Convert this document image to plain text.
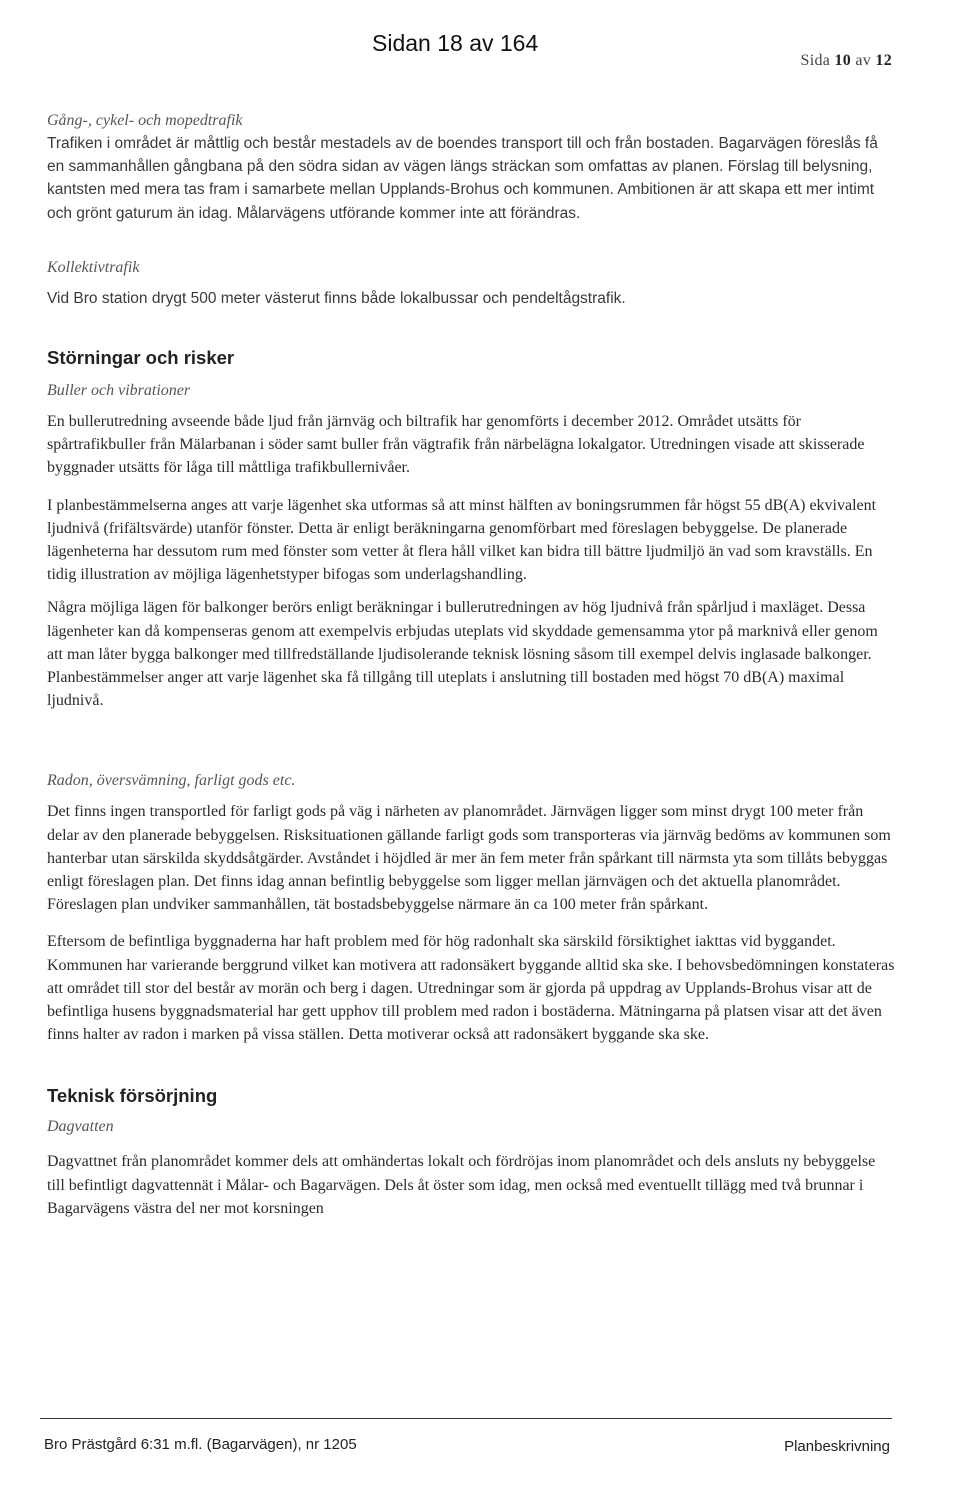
Sidan 18 av 164
Sida 10 av 12

Gång-, cykel- och mopedtrafik

Trafiken i området är måttlig och består mestadels av de boendes transport till och från bostaden. Bagarvägen föreslås få en sammanhållen gångbana på den södra sidan av vägen längs sträckan som omfattas av planen. Förslag till belysning, kantsten med mera tas fram i samarbete mellan Upplands-Brohus och kommunen. Ambitionen är att skapa ett mer intimt och grönt gaturum än idag. Målarvägens utförande kommer inte att förändras.

Kollektivtrafik

Vid Bro station drygt 500 meter västerut finns både lokalbussar och pendeltågstrafik.

Störningar och risker

Buller och vibrationer

En bullerutredning avseende både ljud från järnväg och biltrafik har genomförts i december 2012. Området utsätts för spårtrafikbuller från Mälarbanan i söder samt buller från vägtrafik från närbelägna lokalgator. Utredningen visade att skisserade byggnader utsätts för låga till måttliga trafikbullernivåer.

I planbestämmelserna anges att varje lägenhet ska utformas så att minst hälften av boningsrummen får högst 55 dB(A) ekvivalent ljudnivå (frifältsvärde) utanför fönster. Detta är enligt beräkningarna genomförbart med föreslagen bebyggelse. De planerade lägenheterna har dessutom rum med fönster som vetter åt flera håll vilket kan bidra till bättre ljudmiljö än vad som kravställs. En tidig illustration av möjliga lägenhetstyper bifogas som underlagshandling.

Några möjliga lägen för balkonger berörs enligt beräkningar i bullerutredningen av hög ljudnivå från spårljud i maxläget. Dessa lägenheter kan då kompenseras genom att exempelvis erbjudas uteplats vid skyddade gemensamma ytor på marknivå eller genom att man låter bygga balkonger med tillfredställande ljudisolerande teknisk lösning såsom till exempel delvis inglasade balkonger. Planbestämmelser anger att varje lägenhet ska få tillgång till uteplats i anslutning till bostaden med högst 70 dB(A) maximal ljudnivå.

Radon, översvämning, farligt gods etc.

Det finns ingen transportled för farligt gods på väg i närheten av planområdet. Järnvägen ligger som minst drygt 100 meter från delar av den planerade bebyggelsen. Risksituationen gällande farligt gods som transporteras via järnväg bedöms av kommunen som hanterbar utan särskilda skyddsåtgärder. Avståndet i höjdled är mer än fem meter från spårkant till närmsta yta som tillåts bebyggas enligt föreslagen plan. Det finns idag annan befintlig bebyggelse som ligger mellan järnvägen och det aktuella planområdet. Föreslagen plan undviker sammanhållen, tät bostadsbebyggelse närmare än ca 100 meter från spårkant.

Eftersom de befintliga byggnaderna har haft problem med för hög radonhalt ska särskild försiktighet iakttas vid byggandet. Kommunen har varierande berggrund vilket kan motivera att radonsäkert byggande alltid ska ske. I behovsbedömningen konstateras att området till stor del består av morän och berg i dagen. Utredningar som är gjorda på uppdrag av Upplands-Brohus visar att de befintliga husens byggnadsmaterial har gett upphov till problem med radon i bostäderna. Mätningarna på platsen visar att det även finns halter av radon i marken på vissa ställen. Detta motiverar också att radonsäkert byggande ska ske.

Teknisk försörjning

Dagvatten

Dagvattnet från planområdet kommer dels att omhändertas lokalt och fördröjas inom planområdet och dels ansluts ny bebyggelse till befintligt dagvattennät i Målar- och Bagarvägen. Dels åt öster som idag, men också med eventuellt tillägg med två brunnar i Bagarvägens västra del ner mot korsningen

Bro Prästgård 6:31 m.fl. (Bagarvägen), nr 1205	Planbeskrivning
